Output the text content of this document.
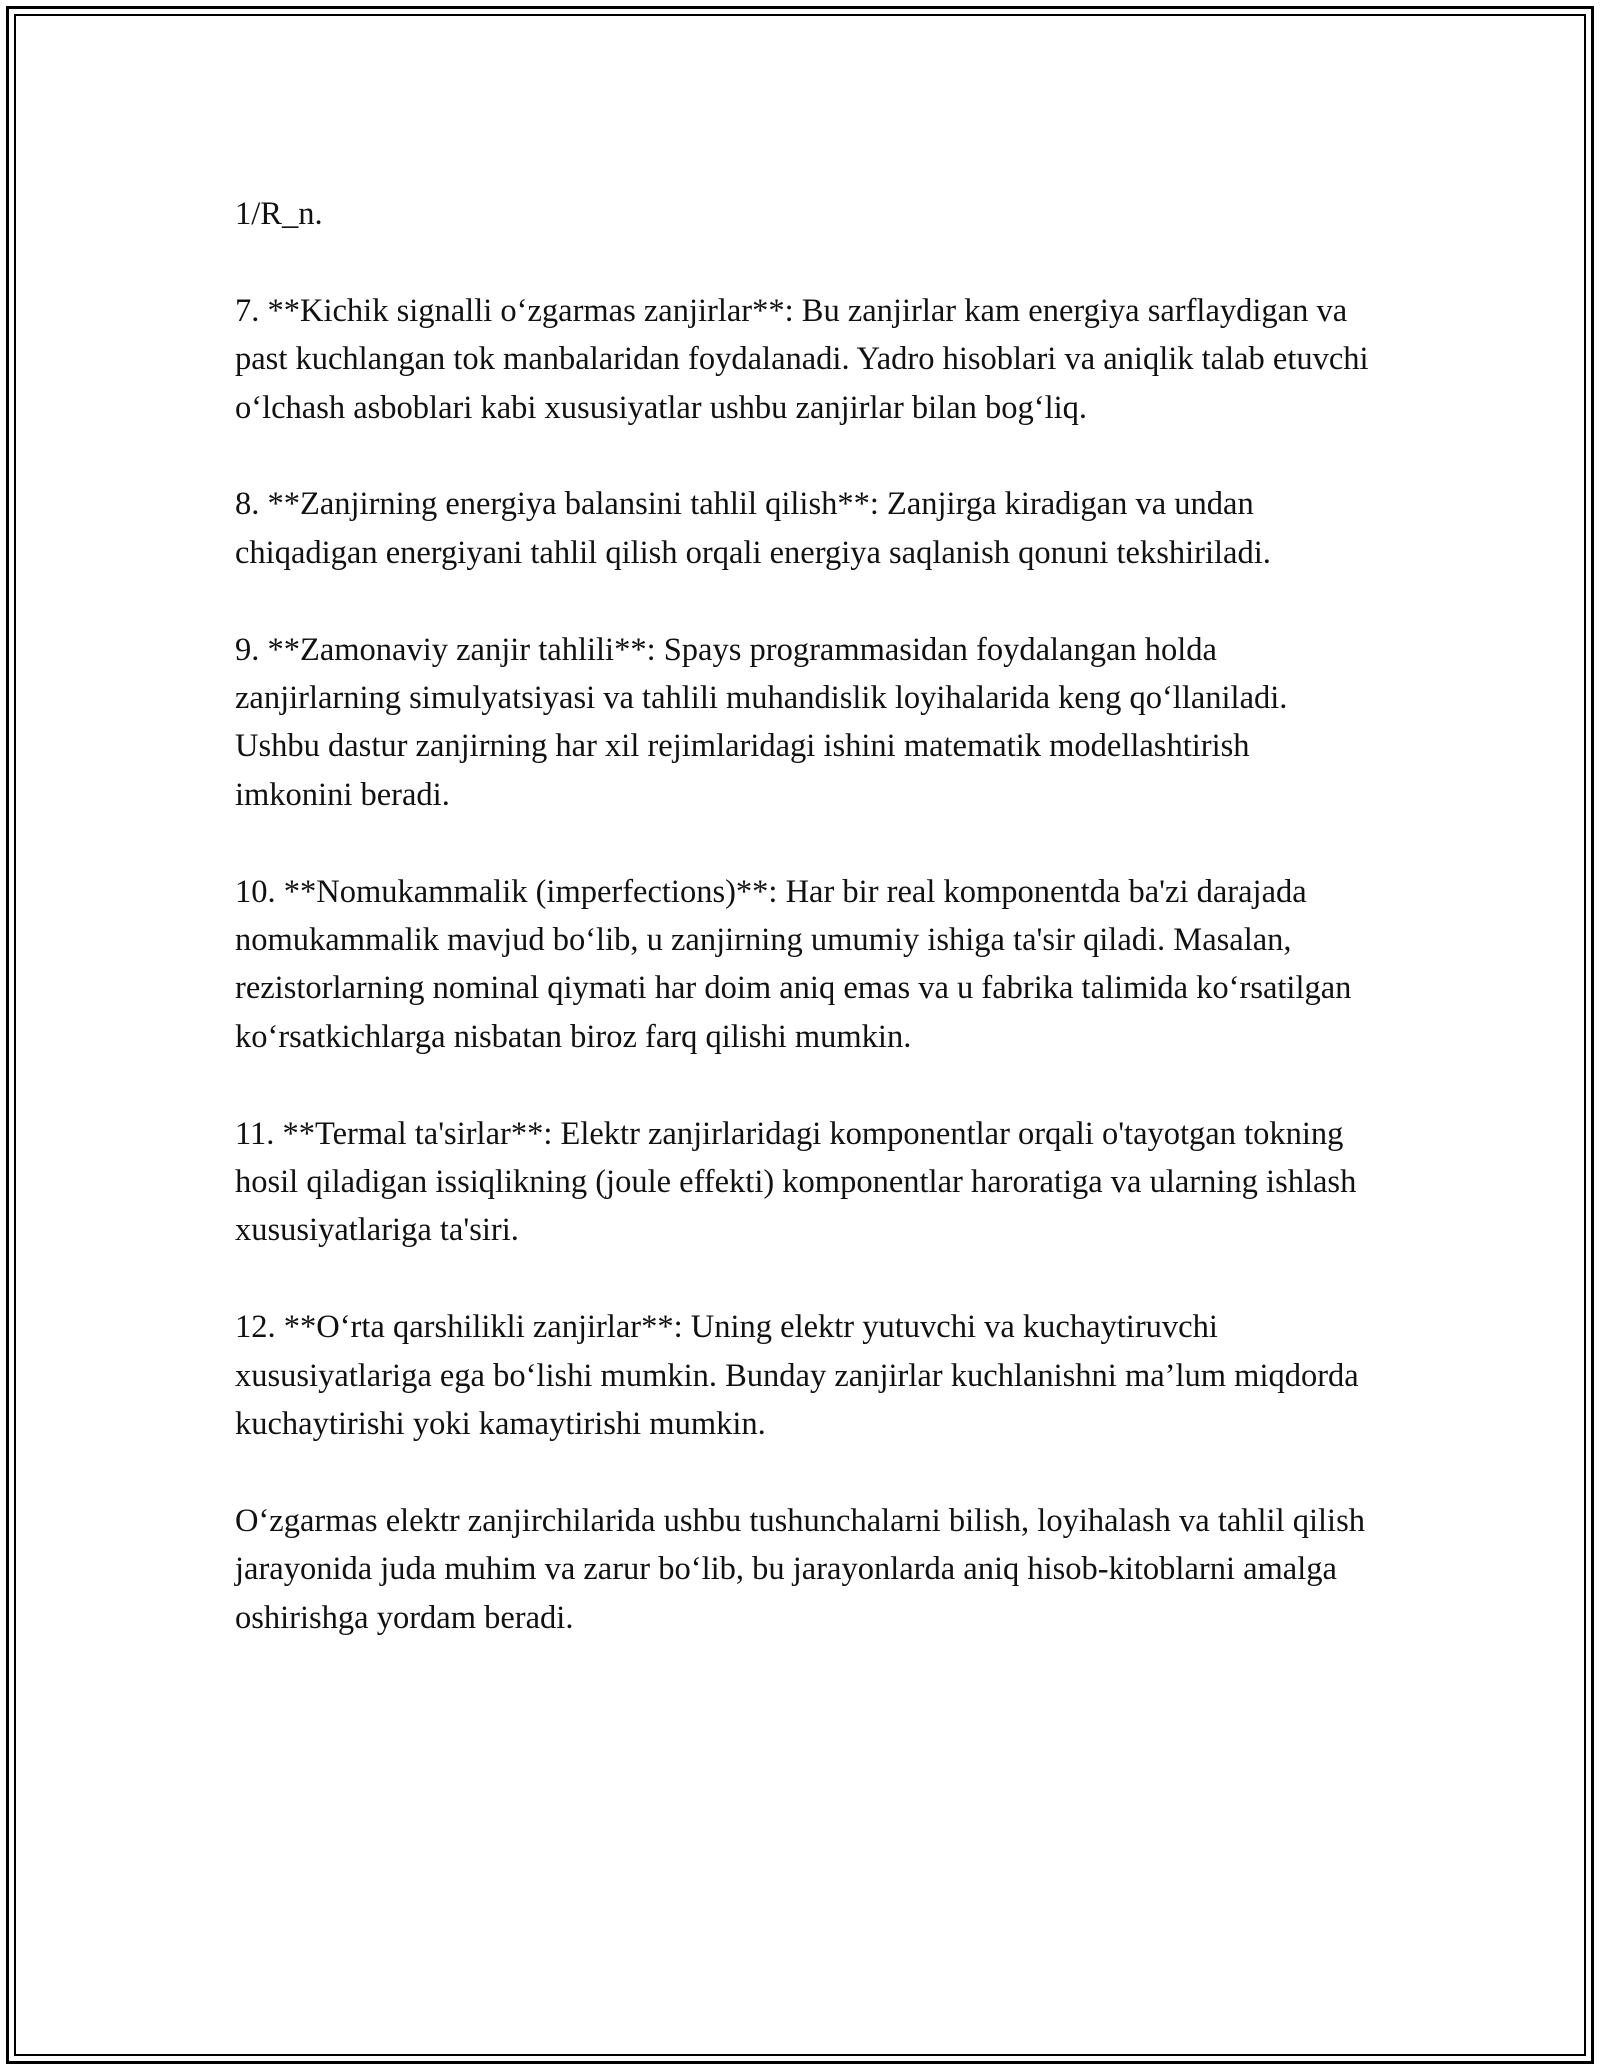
1/R_n.

7. **Kichik signalli o‘zgarmas zanjirlar**: Bu zanjirlar kam energiya sarflaydigan va past kuchlangan tok manbalaridan foydalanadi. Yadro hisoblari va aniqlik talab etuvchi o‘lchash asboblari kabi xususiyatlar ushbu zanjirlar bilan bog‘liq.

8. **Zanjirning energiya balansini tahlil qilish**: Zanjirga kiradigan va undan chiqadigan energiyani tahlil qilish orqali energiya saqlanish qonuni tekshiriladi.

9. **Zamonaviy zanjir tahlili**: Spays programmasidan foydalangan holda zanjirlarning simulyatsiyasi va tahlili muhandislik loyihalarida keng qo‘llaniladi. Ushbu dastur zanjirning har xil rejimlaridagi ishini matematik modellashtirish imkonini beradi.

10. **Nomukammalik (imperfections)**: Har bir real komponentda ba'zi darajada nomukammalik mavjud bo‘lib, u zanjirning umumiy ishiga ta'sir qiladi. Masalan, rezistorlarning nominal qiymati har doim aniq emas va u fabrika talimida ko‘rsatilgan ko‘rsatkichlarga nisbatan biroz farq qilishi mumkin.

11. **Termal ta'sirlar**: Elektr zanjirlaridagi komponentlar orqali o'tayotgan tokning hosil qiladigan issiqlikning (joule effekti) komponentlar haroratiga va ularning ishlash xususiyatlariga ta'siri.

12. **O‘rta qarshilikli zanjirlar**: Uning elektr yutuvchi va kuchaytiruvchi xususiyatlariga ega bo‘lishi mumkin. Bunday zanjirlar kuchlanishni ma’lum miqdorda kuchaytirishi yoki kamaytirishi mumkin.

O‘zgarmas elektr zanjirchilarida ushbu tushunchalarni bilish, loyihalash va tahlil qilish jarayonida juda muhim va zarur bo‘lib, bu jarayonlarda aniq hisob-kitoblarni amalga oshirishga yordam beradi.
